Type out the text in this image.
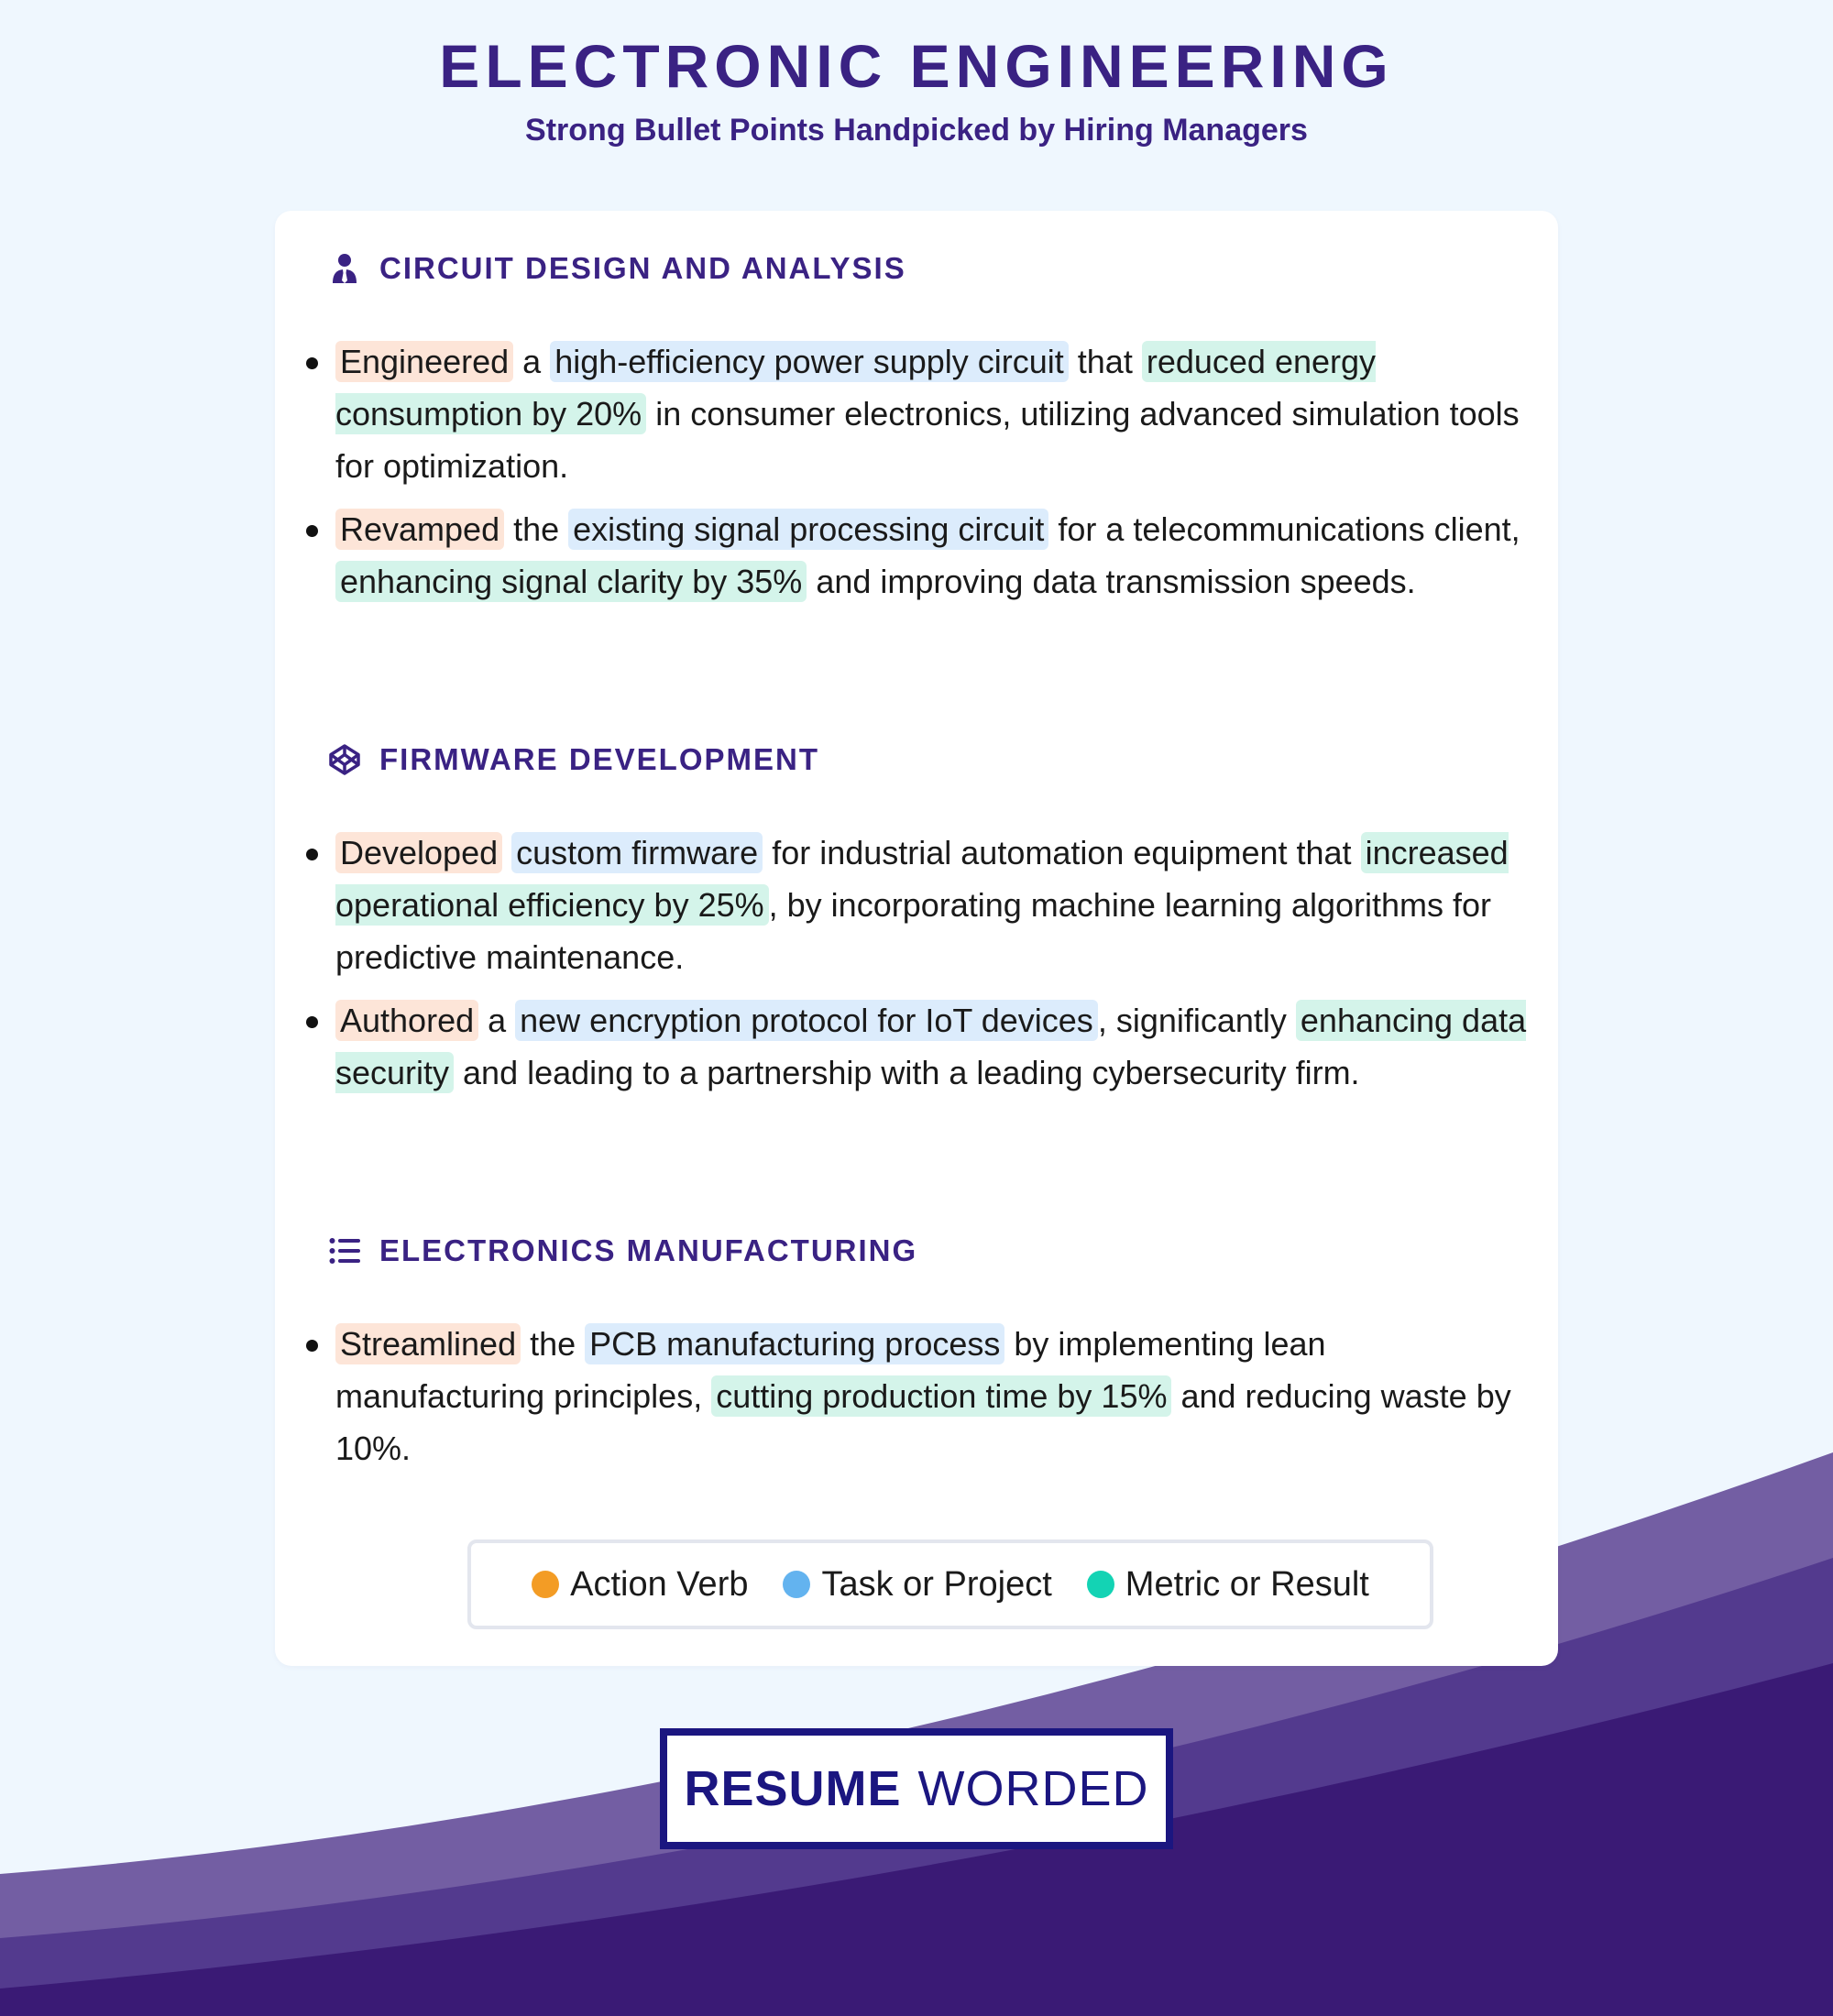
ELECTRONIC ENGINEERING
Strong Bullet Points Handpicked by Hiring Managers
CIRCUIT DESIGN AND ANALYSIS
Engineered a high-efficiency power supply circuit that reduced energy consumption by 20% in consumer electronics, utilizing advanced simulation tools for optimization.
Revamped the existing signal processing circuit for a telecommunications client, enhancing signal clarity by 35% and improving data transmission speeds.
FIRMWARE DEVELOPMENT
Developed custom firmware for industrial automation equipment that increased operational efficiency by 25% , by incorporating machine learning algorithms for predictive maintenance.
Authored a new encryption protocol for IoT devices , significantly enhancing data security and leading to a partnership with a leading cybersecurity firm.
ELECTRONICS MANUFACTURING
Streamlined the PCB manufacturing process by implementing lean manufacturing principles, cutting production time by 15% and reducing waste by 10%.
Action Verb Task or Project Metric or Result
RESUME WORDED
